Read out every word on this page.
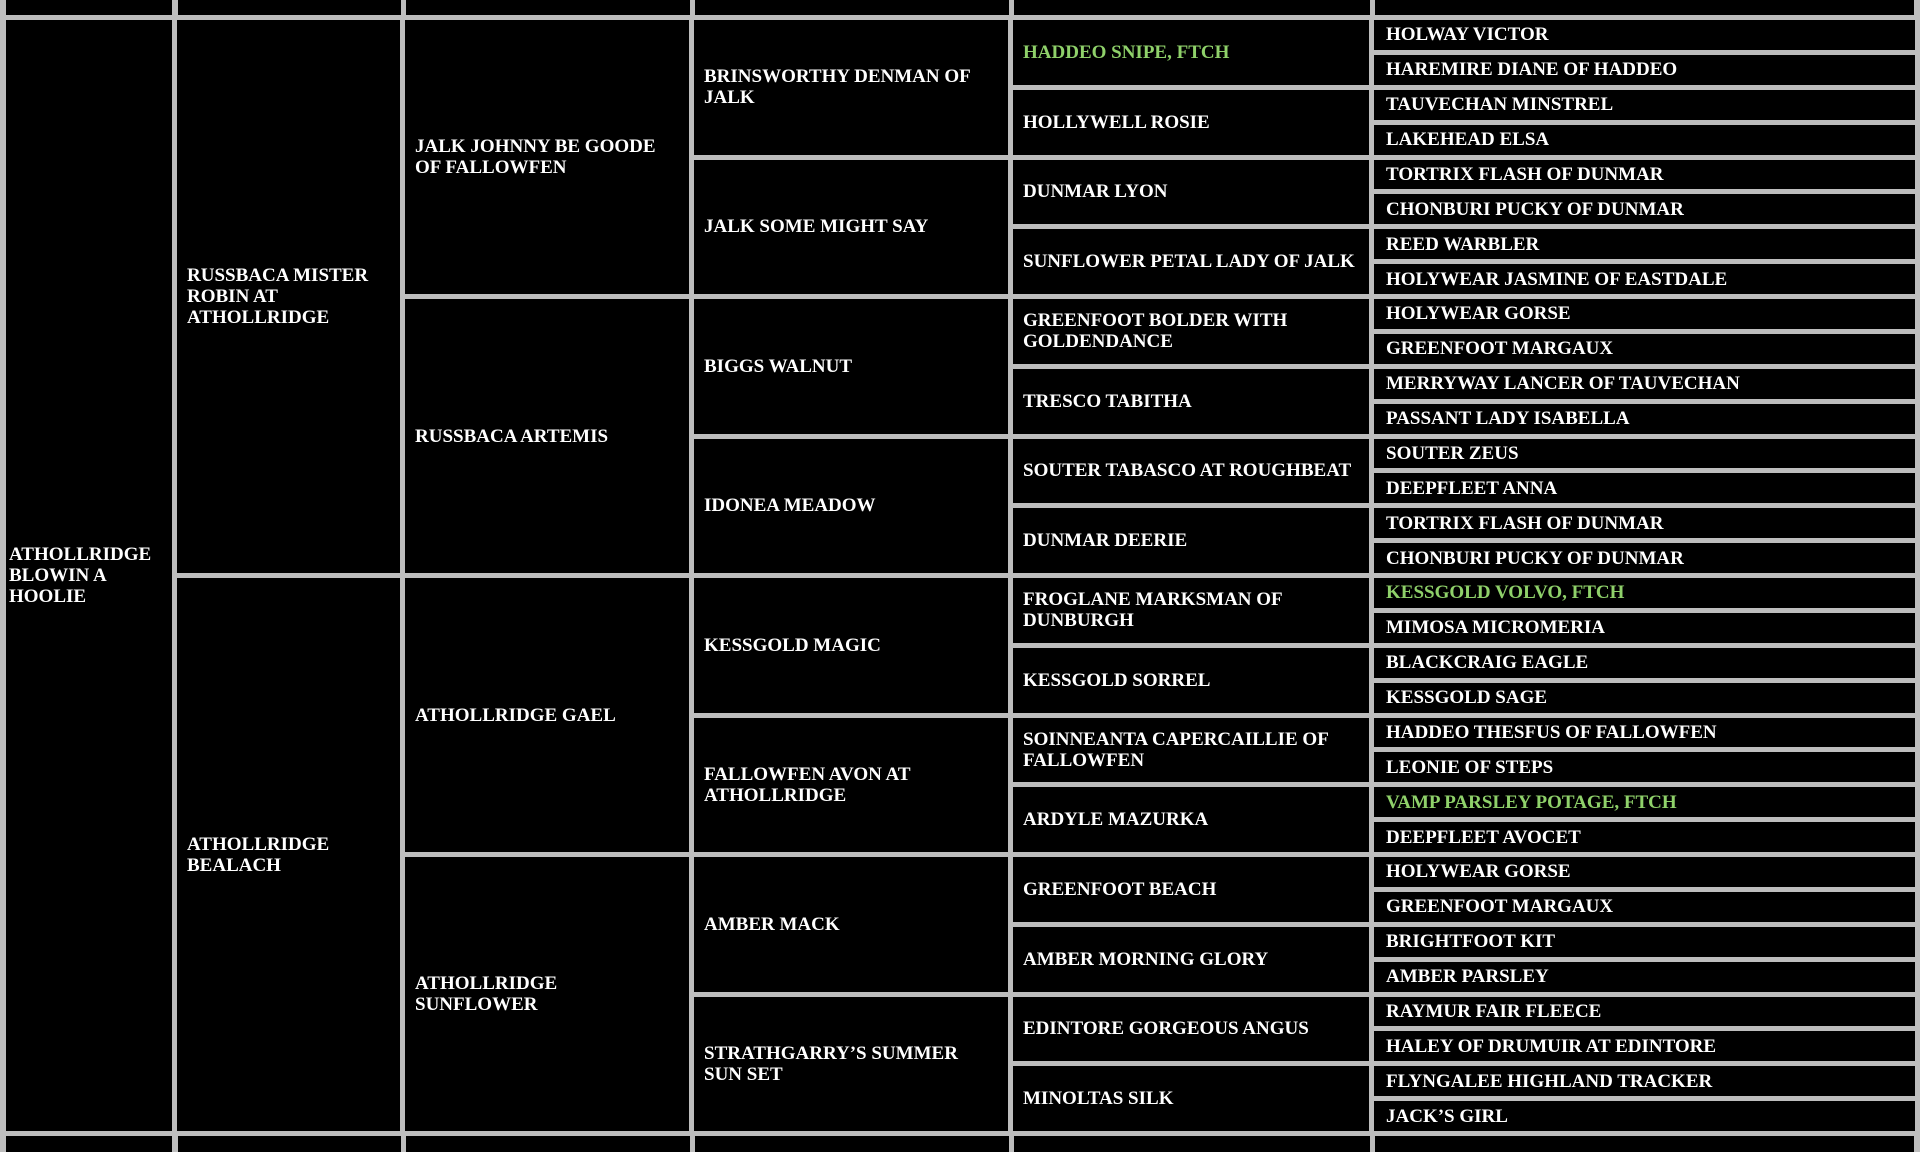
ATHOLLRIDGE BLOWIN A HOOLIE	RUSSBACA MISTER ROBIN AT ATHOLLRIDGE	JALK JOHNNY BE GOODE OF FALLOWFEN	BRINSWORTHY DENMAN OF JALK	HADDEO SNIPE, FTCH	HOLWAY VICTOR
					HAREMIRE DIANE OF HADDEO
				HOLLYWELL ROSIE	TAUVECHAN MINSTREL
					LAKEHEAD ELSA
			JALK SOME MIGHT SAY	DUNMAR LYON	TORTRIX FLASH OF DUNMAR
					CHONBURI PUCKY OF DUNMAR
				SUNFLOWER PETAL LADY OF JALK	REED WARBLER
					HOLYWEAR JASMINE OF EASTDALE
		RUSSBACA ARTEMIS	BIGGS WALNUT	GREENFOOT BOLDER WITH GOLDENDANCE	HOLYWEAR GORSE
					GREENFOOT MARGAUX
				TRESCO TABITHA	MERRYWAY LANCER OF TAUVECHAN
					PASSANT LADY ISABELLA
			IDONEA MEADOW	SOUTER TABASCO AT ROUGHBEAT	SOUTER ZEUS
					DEEPFLEET ANNA
				DUNMAR DEERIE	TORTRIX FLASH OF DUNMAR
					CHONBURI PUCKY OF DUNMAR
	ATHOLLRIDGE BEALACH	ATHOLLRIDGE GAEL	KESSGOLD MAGIC	FROGLANE MARKSMAN OF DUNBURGH	KESSGOLD VOLVO, FTCH
					MIMOSA MICROMERIA
				KESSGOLD SORREL	BLACKCRAIG EAGLE
					KESSGOLD SAGE
			FALLOWFEN AVON AT ATHOLLRIDGE	SOINNEANTA CAPERCAILLIE OF FALLOWFEN	HADDEO THESFUS OF FALLOWFEN
					LEONIE OF STEPS
				ARDYLE MAZURKA	VAMP PARSLEY POTAGE, FTCH
					DEEPFLEET AVOCET
		ATHOLLRIDGE SUNFLOWER	AMBER MACK	GREENFOOT BEACH	HOLYWEAR GORSE
					GREENFOOT MARGAUX
				AMBER MORNING GLORY	BRIGHTFOOT KIT
					AMBER PARSLEY
			STRATHGARRY’S SUMMER SUN SET	EDINTORE GORGEOUS ANGUS	RAYMUR FAIR FLEECE
					HALEY OF DRUMUIR AT EDINTORE
				MINOLTAS SILK	FLYNGALEE HIGHLAND TRACKER
					JACK’S GIRL
